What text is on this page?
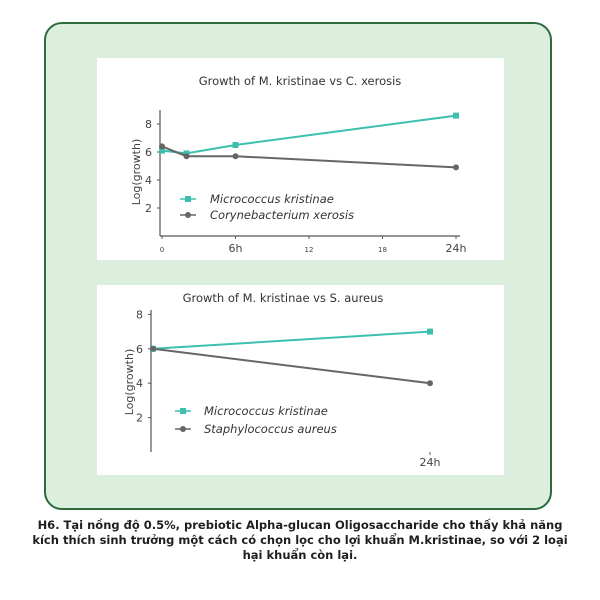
Growth of M. kristinae vs C. xerosis
Log(growth)
2
4
6
8
0	6h	12	18	24h
Micrococcus kristinae
Corynebacterium xerosis
Growth of M. kristinae vs S. aureus
Log(growth)
2
4
6
8
24h
Micrococcus kristinae
Staphylococcus aureus
H6. Tại nồng độ 0.5%, prebiotic Alpha-glucan Oligosaccharide cho thấy khả năng
kích thích sinh trưởng một cách có chọn lọc cho lợi khuẩn M.kristinae, so với 2 loại
hại khuẩn còn lại.
